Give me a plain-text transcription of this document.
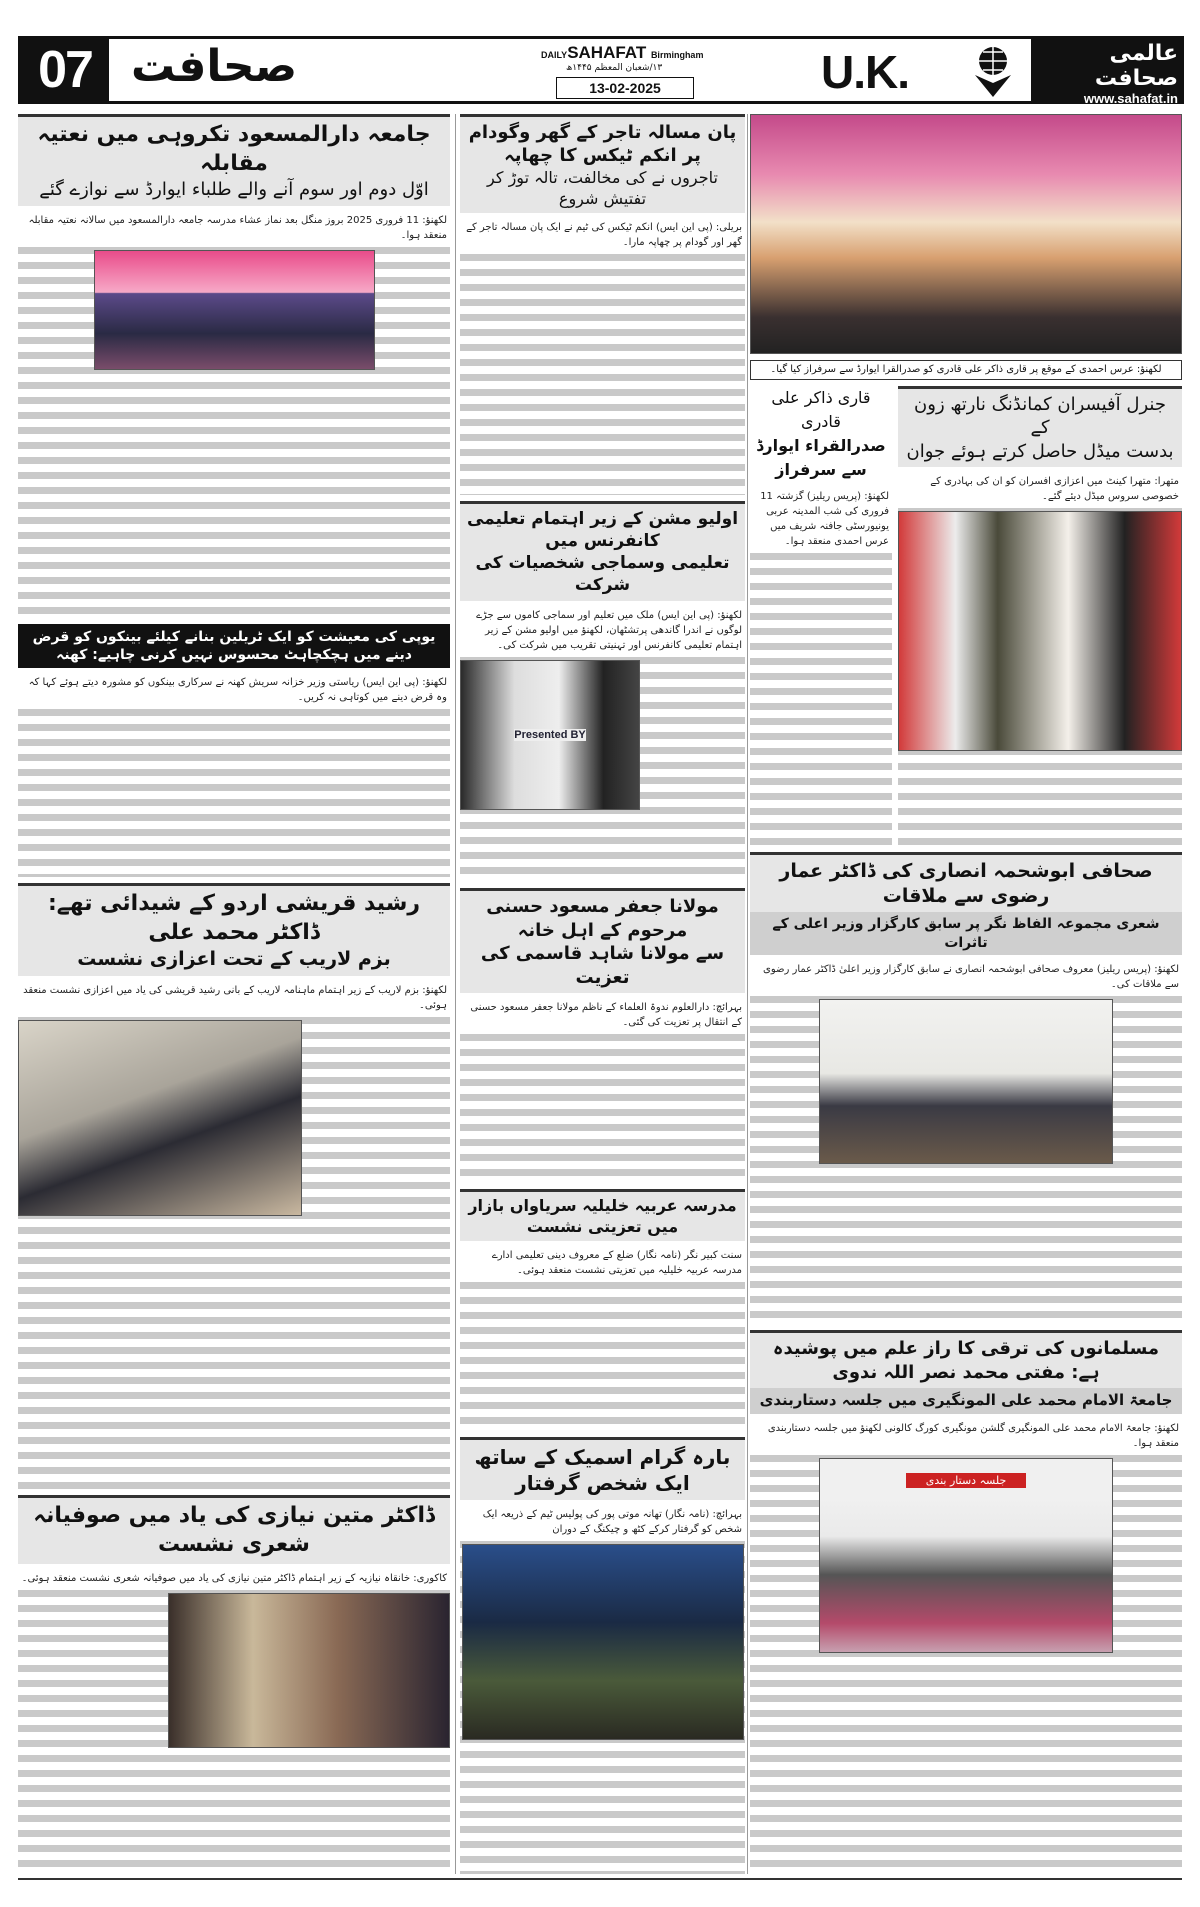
07 صحافت	DAILYSAHAFAT Birmingham
۱۳/شعبان المعظم ۱۴۴۵ھ
13-02-2025	U.K.	عالمی صحافت
www.sahafat.in
جامعہ دارالمسعود تکروہی میں نعتیہ مقابلہ
اوّل دوم اور سوم آنے والے طلباء ایوارڈ سے نوازے گئے

لکھنؤ: 11 فروری 2025 بروز منگل بعد نماز عشاء مدرسہ جامعہ دارالمسعود میں سالانہ نعتیہ مقابلہ منعقد ہوا۔

یوپی کی معیشت کو ایک ٹریلین بنانے کیلئے بینکوں کو قرض دینے میں ہچکچاہٹ محسوس نہیں کرنی چاہیے: کھنہ

لکھنؤ: (پی این ایس) ریاستی وزیر خزانہ سریش کھنہ نے سرکاری بینکوں کو مشورہ دیتے ہوئے کہا کہ وہ قرض دینے میں کوتاہی نہ کریں۔

رشید قریشی اردو کے شیدائی تھے: ڈاکٹر محمد علی
بزم لاریب کے تحت اعزازی نشست

لکھنؤ: بزم لاریب کے زیر اہتمام ماہنامہ لاریب کے بانی رشید قریشی کی یاد میں اعزازی نشست منعقد ہوئی۔

ڈاکٹر متین نیازی کی یاد میں صوفیانہ شعری نشست

کاکوری: خانقاہ نیازیہ کے زیر اہتمام ڈاکٹر متین نیازی کی یاد میں صوفیانہ شعری نشست منعقد ہوئی۔

پان مسالہ تاجر کے گھر وگودام پر انکم ٹیکس کا چھاپہ
تاجروں نے کی مخالفت، تالہ توڑ کر تفتیش شروع

بریلی: (پی این ایس) انکم ٹیکس کی ٹیم نے ایک پان مسالہ تاجر کے گھر اور گودام پر چھاپہ مارا۔

اولیو مشن کے زیر اہتمام تعلیمی کانفرنس میں
تعلیمی وسماجی شخصیات کی شرکت

لکھنؤ: (پی این ایس) ملک میں تعلیم اور سماجی کاموں سے جڑے لوگوں نے اندرا گاندھی پرتشٹھان، لکھنؤ میں اولیو مشن کے زیر اہتمام تعلیمی کانفرنس اور تہنیتی تقریب میں شرکت کی۔

Presented BY
مولانا جعفر مسعود حسنی مرحوم کے اہل خانہ
سے مولانا شاہد قاسمی کی تعزیت

بہرائچ: دارالعلوم ندوۃ العلماء کے ناظم مولانا جعفر مسعود حسنی کے انتقال پر تعزیت کی گئی۔

مدرسہ عربیہ خلیلیہ سریاواں بازار میں تعزیتی نشست

سنت کبیر نگر (نامہ نگار) ضلع کے معروف دینی تعلیمی ادارے مدرسہ عربیہ خلیلیہ میں تعزیتی نشست منعقد ہوئی۔

بارہ گرام اسمیک کے ساتھ ایک شخص گرفتار

بہرائچ: (نامہ نگار) تھانہ موتی پور کی پولیس ٹیم کے ذریعہ ایک شخص کو گرفتار کرکے کٹھ و چیکنگ کے دوران

لکھنؤ: عرس احمدی کے موقع پر قاری ذاکر علی قادری کو صدرالقرا ایوارڈ سے سرفراز کیا گیا۔
قاری ذاکر علی قادری
صدرالقراء ایوارڈ سے سرفراز

لکھنؤ: (پریس ریلیز) گزشتہ 11 فروری کی شب المدینہ عربی یونیورسٹی جافنہ شریف میں عرس احمدی منعقد ہوا۔

جنرل آفیسران کمانڈنگ نارتھ زون کے
بدست میڈل حاصل کرتے ہوئے جوان

متھرا: متھرا کینٹ میں اعزازی افسران کو ان کی بہادری کے خصوصی سروس میڈل دیئے گئے۔

صحافی ابوشحمہ انصاری کی ڈاکٹر عمار رضوی سے ملاقات
شعری مجموعہ الفاظ نگر پر سابق کارگزار وزیر اعلی کے تاثرات

لکھنؤ: (پریس ریلیز) معروف صحافی ابوشحمہ انصاری نے سابق کارگزار وزیر اعلیٰ ڈاکٹر عمار رضوی سے ملاقات کی۔

مسلمانوں کی ترقی کا راز علم میں پوشیدہ ہے: مفتی محمد نصر اللہ ندوی
جامعۃ الامام محمد علی المونگیری میں جلسہ دستاربندی

لکھنؤ: جامعۃ الامام محمد علی المونگیری گلشن مونگیری کورگ کالونی لکھنؤ میں جلسہ دستاربندی منعقد ہوا۔

جلسہ دستار بندی
